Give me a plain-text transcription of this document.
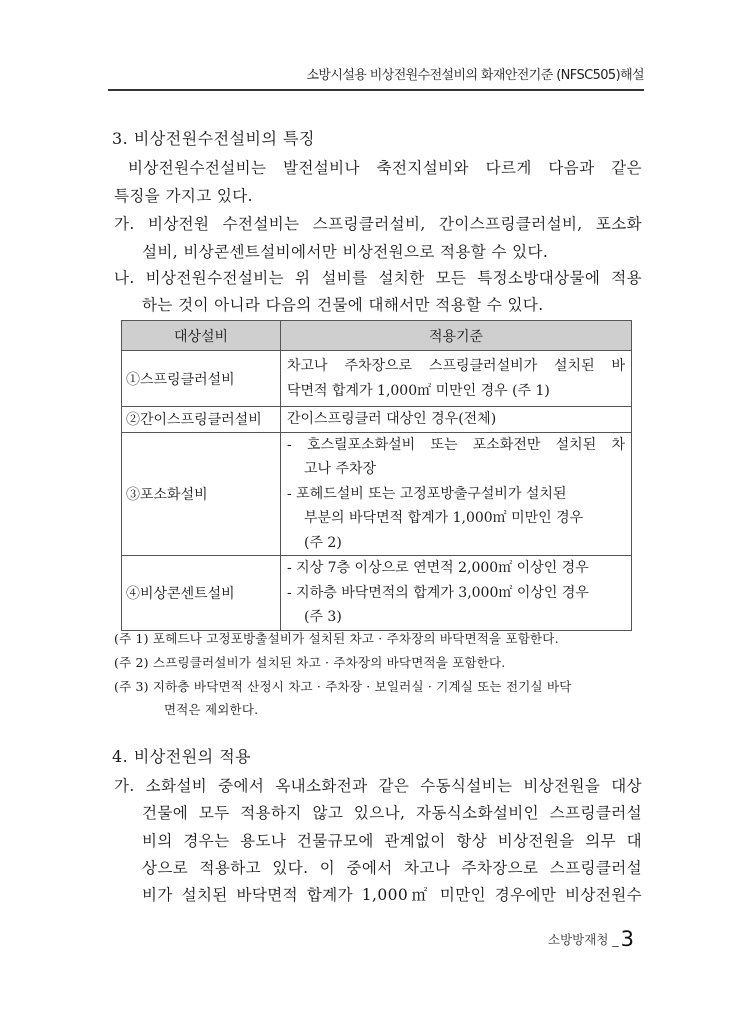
소방시설용 비상전원수전설비의 화재안전기준 (NFSC505)해설
3. 비상전원수전설비의 특징
비상전원수전설비는 발전설비나 축전지설비와 다르게 다음과 같은
특징을 가지고 있다.
가. 비상전원 수전설비는 스프링클러설비, 간이스프링클러설비, 포소화
설비, 비상콘센트설비에서만 비상전원으로 적용할 수 있다.
나. 비상전원수전설비는 위 설비를 설치한 모든 특정소방대상물에 적용
하는 것이 아니라 다음의 건물에 대해서만 적용할 수 있다.
대상설비	적용기준
①스프링클러설비	차고나 주차장으로 스프링클러설비가 설치된 바
닥면적 합계가 1,000㎡ 미만인 경우 (주 1)

②간이스프링클러설비	간이스프링클러 대상인 경우(전체)

③포소화설비	- 호스릴포소화설비 또는 포소화전만 설치된 차
고나 주차장
- 포헤드설비 또는 고정포방출구설비가 설치된
부분의 바닥면적 합계가 1,000㎡ 미만인 경우
(주 2)

④비상콘센트설비	- 지상 7층 이상으로 연면적 2,000㎡ 이상인 경우
- 지하층 바닥면적의 합계가 3,000㎡ 이상인 경우
(주 3)
(주 1) 포헤드나 고정포방출설비가 설치된 차고 · 주차장의 바닥면적을 포함한다.
(주 2) 스프링클러설비가 설치된 차고 · 주차장의 바닥면적을 포함한다.
(주 3) 지하층 바닥면적 산정시 차고 · 주차장 · 보일러실 · 기계실 또는 전기실 바닥
면적은 제외한다.
4. 비상전원의 적용
가. 소화설비 중에서 옥내소화전과 같은 수동식설비는 비상전원을 대상
건물에 모두 적용하지 않고 있으나, 자동식소화설비인 스프링클러설
비의 경우는 용도나 건물규모에 관계없이 항상 비상전원을 의무 대
상으로 적용하고 있다. 이 중에서 차고나 주차장으로 스프링클러설
비가 설치된 바닥면적 합계가 1,000㎡ 미만인 경우에만 비상전원수
소방방재청 _3
